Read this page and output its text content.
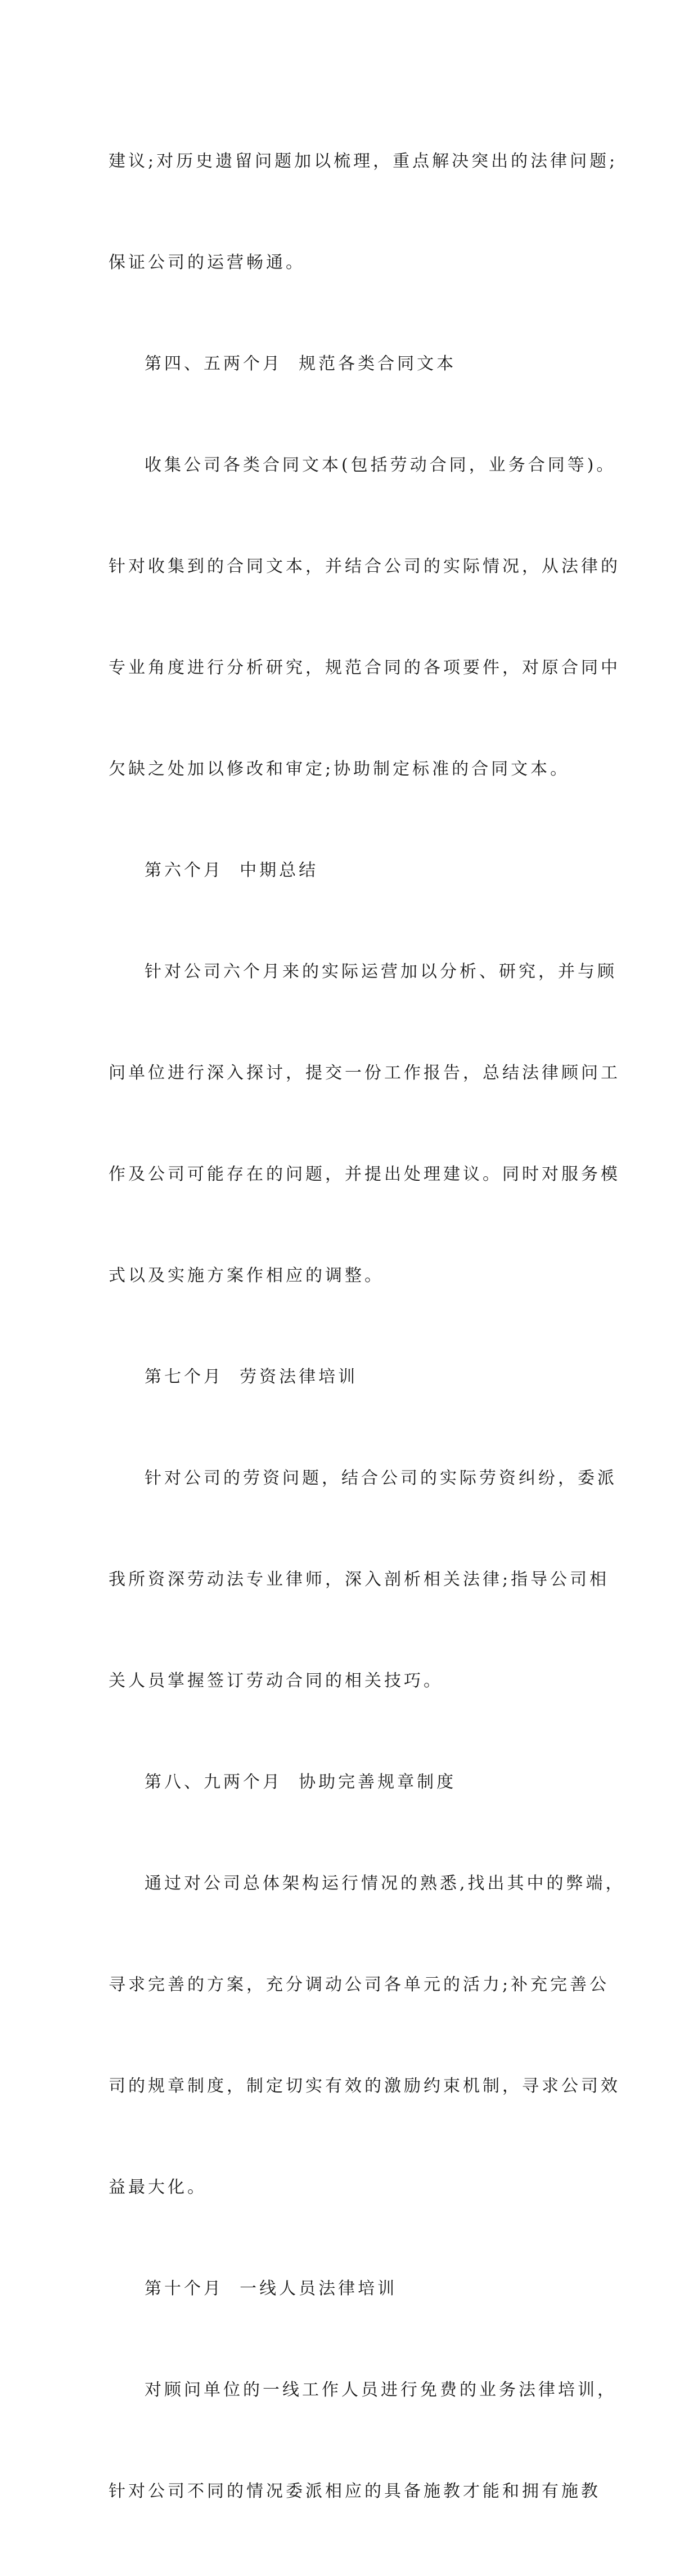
建议;对历史遗留问题加以梳理，重点解决突出的法律问题;

保证公司的运营畅通。

第四、五两个月  规范各类合同文本

收集公司各类合同文本(包括劳动合同，业务合同等)。

针对收集到的合同文本，并结合公司的实际情况，从法律的

专业角度进行分析研究，规范合同的各项要件，对原合同中

欠缺之处加以修改和审定;协助制定标准的合同文本。

第六个月  中期总结

针对公司六个月来的实际运营加以分析、研究，并与顾

问单位进行深入探讨，提交一份工作报告，总结法律顾问工

作及公司可能存在的问题，并提出处理建议。同时对服务模

式以及实施方案作相应的调整。

第七个月  劳资法律培训

针对公司的劳资问题，结合公司的实际劳资纠纷，委派

我所资深劳动法专业律师，深入剖析相关法律;指导公司相

关人员掌握签订劳动合同的相关技巧。

第八、九两个月  协助完善规章制度

通过对公司总体架构运行情况的熟悉,找出其中的弊端，

寻求完善的方案，充分调动公司各单元的活力;补充完善公

司的规章制度，制定切实有效的激励约束机制，寻求公司效

益最大化。

第十个月  一线人员法律培训

对顾问单位的一线工作人员进行免费的业务法律培训，

针对公司不同的情况委派相应的具备施教才能和拥有施教
